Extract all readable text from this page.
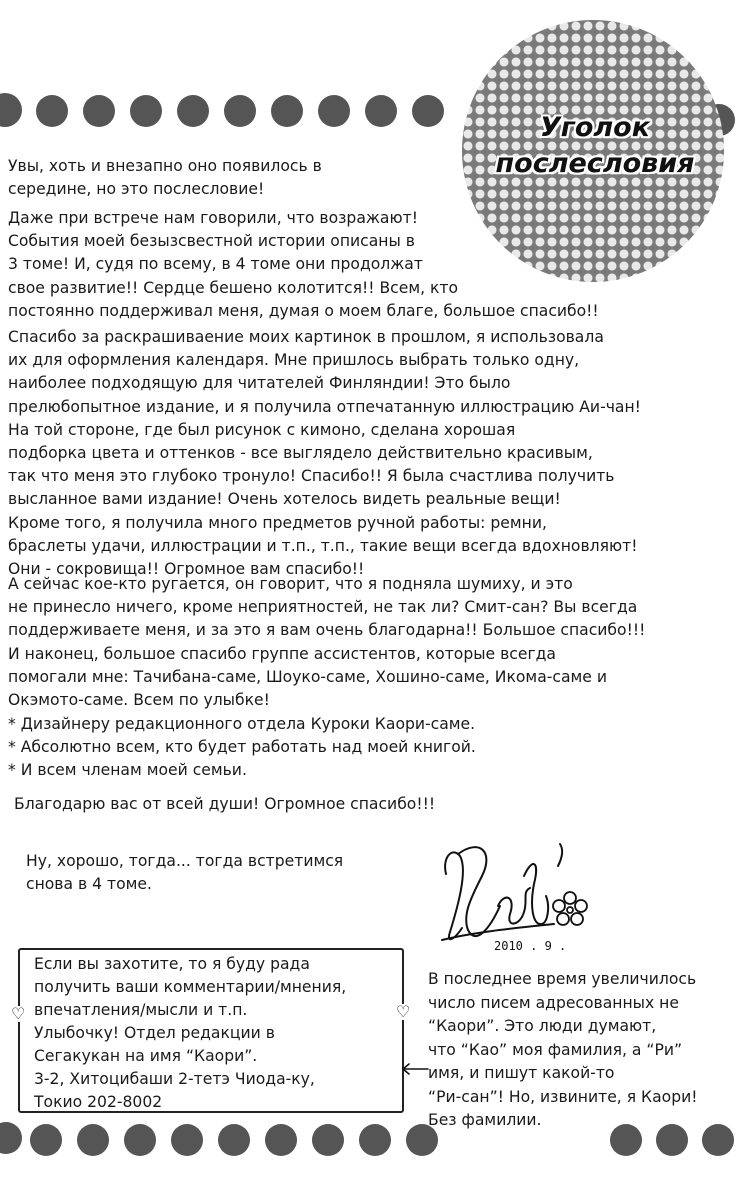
Уголок
послесловия

Увы, хоть и внезапно оно появилось в
середине, но это послесловие!

Даже при встрече нам говорили, что возражают!
События моей безызсвестной истории описаны в
3 томе! И, судя по всему, в 4 томе они продолжат
свое развитие!! Сердце бешено колотится!! Всем, кто
постоянно поддерживал меня, думая о моем благе, большое спасибо!!

Спасибо за раскрашиваение моих картинок в прошлом, я использовала
их для оформления календаря. Мне пришлось выбрать только одну,
наиболее подходящую для читателей Финляндии! Это было
прелюбопытное издание, и я получила отпечатанную иллюстрацию Аи-чан!
На той стороне, где был рисунок с кимоно, сделана хорошая
подборка цвета и оттенков - все выглядело действительно красивым,
так что меня это глубоко тронуло! Спасибо!! Я была счастлива получить
высланное вами издание! Очень хотелось видеть реальные вещи!
Кроме того, я получила много предметов ручной работы: ремни,
браслеты удачи, иллюстрации и т.п., т.п., такие вещи всегда вдохновляют!
Они - сокровища!! Огромное вам спасибо!!

А сейчас кое-кто ругается, он говорит, что я подняла шумиху, и это
не принесло ничего, кроме неприятностей, не так ли? Смит-сан? Вы всегда
поддерживаете меня, и за это я вам очень благодарна!! Большое спасибо!!!

И наконец, большое спасибо группе ассистентов, которые всегда
помогали мне: Тачибана-саме, Шоуко-саме, Хошино-саме, Икома-саме и
Окэмото-саме. Всем по улыбке!
* Дизайнеру редакционного отдела Куроки Каори-саме.
* Абсолютно всем, кто будет работать над моей книгой.
* И всем членам моей семьи.

Благодарю вас от всей души! Огромное спасибо!!!

Ну, хорошо, тогда... тогда встретимся
снова в 4 томе.

2010 . 9 .
♡	♡

Если вы захотите, то я буду рада
получить ваши комментарии/мнения,
впечатления/мысли и т.п.
Улыбочку! Отдел редакции в
Сегакукан на имя “Каори”.
3-2, Хитоцибаши 2-тетэ Чиода-ку,
Токио 202-8002

В последнее время увеличилось
число писем адресованных не
“Каори”. Это люди думают,
что “Као” моя фамилия, а “Ри”
имя, и пишут какой-то
“Ри-сан”! Но, извините, я Каори!
Без фамилии.
